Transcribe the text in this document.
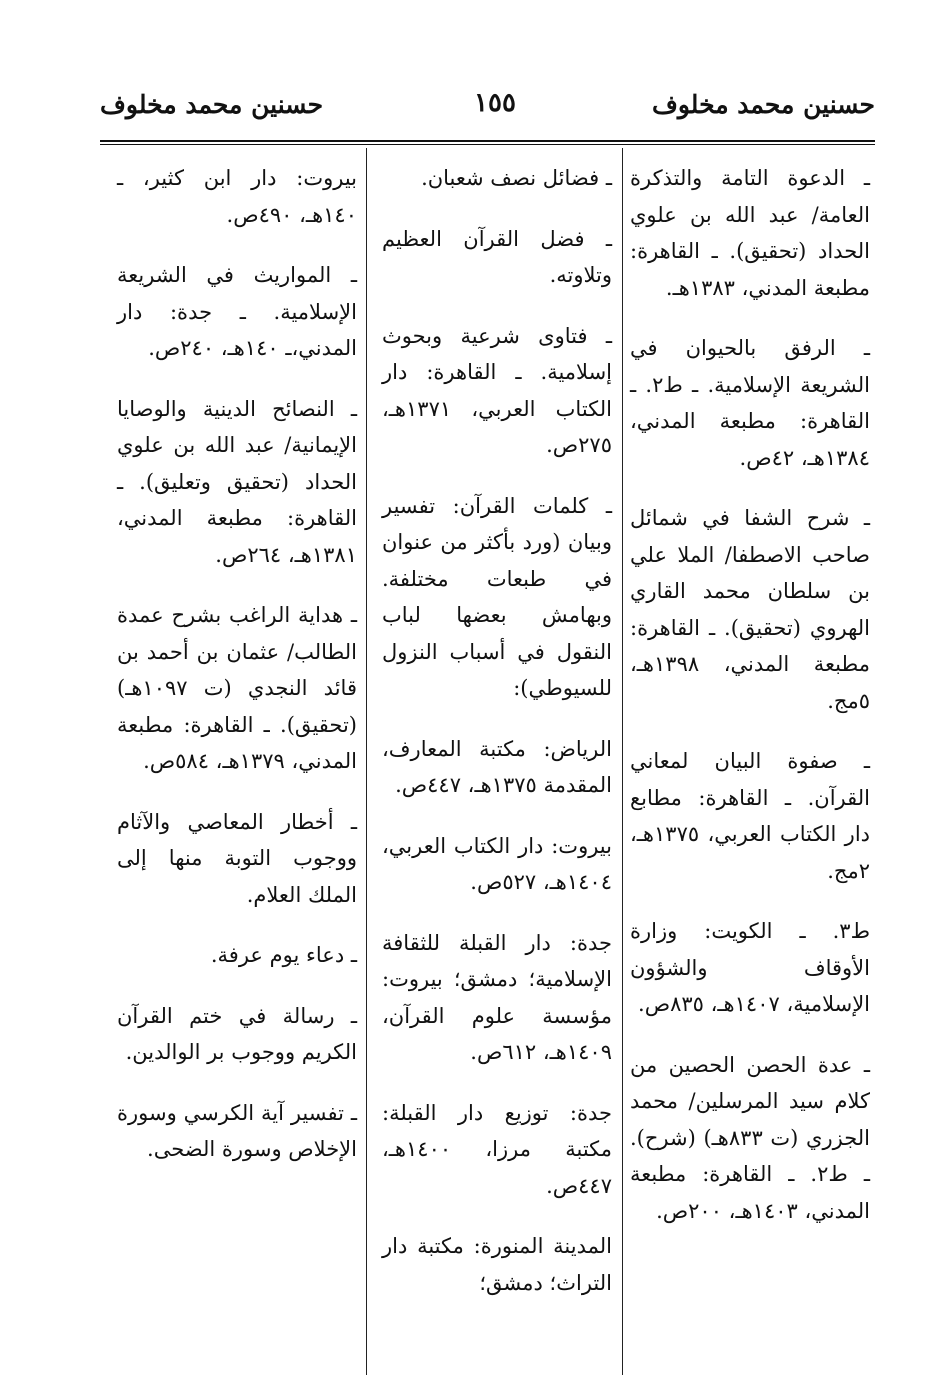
حسنين محمد مخلوف
١٥٥
حسنين محمد مخلوف

ـ الدعوة التامة والتذكرة العامة/ عبد الله بن علوي الحداد (تحقيق). ـ القاهرة: مطبعة المدني، ١٣٨٣هـ.

ـ الرفق بالحيوان في الشريعة الإسلامية. ـ ط٢. ـ القاهرة: مطبعة المدني، ١٣٨٤هـ، ٤٢ص.

ـ شرح الشفا في شمائل صاحب الاصطفا/ الملا علي بن سلطان محمد القاري الهروي (تحقيق). ـ القاهرة: مطبعة المدني، ١٣٩٨هـ، ٥مج.

ـ صفوة البيان لمعاني القرآن. ـ القاهرة: مطابع دار الكتاب العربي، ١٣٧٥هـ، ٢مج.

ط٣. ـ الكويت: وزارة الأوقاف والشؤون الإسلامية، ١٤٠٧هـ، ٨٣٥ص.

ـ عدة الحصن الحصين من كلام سيد المرسلين/ محمد الجزري (ت ٨٣٣هـ) (شرح). ـ ط٢. ـ القاهرة: مطبعة المدني، ١٤٠٣هـ، ٢٠٠ص.

ـ فضائل نصف شعبان.

ـ فضل القرآن العظيم وتلاوته.

ـ فتاوى شرعية وبحوث إسلامية. ـ القاهرة: دار الكتاب العربي، ١٣٧١هـ، ٢٧٥ص.

ـ كلمات القرآن: تفسير وبيان (ورد بأكثر من عنوان في طبعات مختلفة. وبهامش بعضها لباب النقول في أسباب النزول للسيوطي):

الرياض: مكتبة المعارف، المقدمة ١٣٧٥هـ، ٤٤٧ص.

بيروت: دار الكتاب العربي، ١٤٠٤هـ، ٥٢٧ص.

جدة: دار القبلة للثقافة الإسلامية؛ دمشق؛ بيروت: مؤسسة علوم القرآن، ١٤٠٩هـ، ٦١٢ص.

جدة: توزيع دار القبلة: مكتبة مرزا، ١٤٠٠هـ، ٤٤٧ص.

المدينة المنورة: مكتبة دار التراث؛ دمشق؛

بيروت: دار ابن كثير، ـ ١٤٠هـ، ٤٩٠ص.

ـ المواريث في الشريعة الإسلامية. ـ جدة: دار المدني،ـ ١٤٠هـ، ٢٤٠ص.

ـ النصائح الدينية والوصايا الإيمانية/ عبد الله بن علوي الحداد (تحقيق وتعليق). ـ القاهرة: مطبعة المدني، ١٣٨١هـ، ٢٦٤ص.

ـ هداية الراغب بشرح عمدة الطالب/ عثمان بن أحمد بن قائد النجدي (ت ١٠٩٧هـ) (تحقيق). ـ القاهرة: مطبعة المدني، ١٣٧٩هـ، ٥٨٤ص.

ـ أخطار المعاصي والآثام ووجوب التوبة منها إلى الملك العلام.

ـ دعاء يوم عرفة.

ـ رسالة في ختم القرآن الكريم ووجوب بر الوالدين.

ـ تفسير آية الكرسي وسورة الإخلاص وسورة الضحى.
